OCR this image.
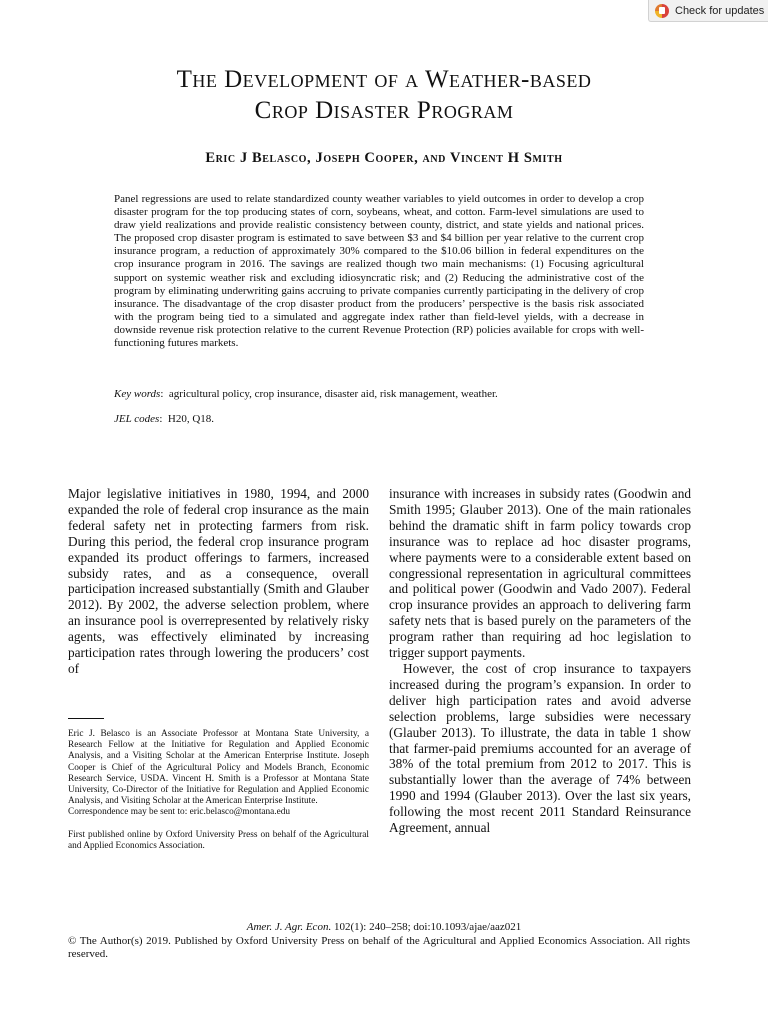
Check for updates
The Development of a Weather-based
Crop Disaster Program
Eric J Belasco, Joseph Cooper, and Vincent H Smith

Panel regressions are used to relate standardized county weather variables to yield outcomes in order to develop a crop disaster program for the top producing states of corn, soybeans, wheat, and cotton. Farm-level simulations are used to draw yield realizations and provide realistic consistency between county, district, and state yields and national prices. The proposed crop disaster program is estimated to save between $3 and $4 billion per year relative to the current crop insurance program, a reduction of approximately 30% compared to the $10.06 billion in federal expenditures on the crop insurance program in 2016. The savings are realized though two main mechanisms: (1) Focusing agricultural support on systemic weather risk and excluding idiosyncratic risk; and (2) Reducing the administrative cost of the program by eliminating underwriting gains accruing to private companies currently participating in the delivery of crop insurance. The disadvantage of the crop disaster product from the producers’ perspective is the basis risk associated with the program being tied to a simulated and aggregate index rather than field-level yields, with a decrease in downside revenue risk protection relative to the current Revenue Protection (RP) policies available for crops with well-functioning futures markets.

Key words:  agricultural policy, crop insurance, disaster aid, risk management, weather.
JEL codes:  H20, Q18.

Major legislative initiatives in 1980, 1994, and 2000 expanded the role of federal crop insurance as the main federal safety net in protecting farmers from risk. During this period, the federal crop insurance program expanded its product offerings to farmers, increased subsidy rates, and as a consequence, overall participation increased substantially (Smith and Glauber 2012). By 2002, the adverse selection problem, where an insurance pool is overrepresented by relatively risky agents, was effectively eliminated by increasing participation rates through lowering the producers’ cost of

insurance with increases in subsidy rates (Goodwin and Smith 1995; Glauber 2013). One of the main rationales behind the dramatic shift in farm policy towards crop insurance was to replace ad hoc disaster programs, where payments were to a considerable extent based on congressional representation in agricultural committees and political power (Goodwin and Vado 2007). Federal crop insurance provides an approach to delivering farm safety nets that is based purely on the parameters of the program rather than requiring ad hoc legislation to trigger support payments.

However, the cost of crop insurance to taxpayers increased during the program’s expansion. In order to deliver high participation rates and avoid adverse selection problems, large subsidies were necessary (Glauber 2013). To illustrate, the data in table 1 show that farmer-paid premiums accounted for an average of 38% of the total premium from 2012 to 2017. This is substantially lower than the average of 74% between 1990 and 1994 (Glauber 2013). Over the last six years, following the most recent 2011 Standard Reinsurance Agreement, annual

Eric J. Belasco is an Associate Professor at Montana State University, a Research Fellow at the Initiative for Regulation and Applied Economic Analysis, and a Visiting Scholar at the American Enterprise Institute. Joseph Cooper is Chief of the Agricultural Policy and Models Branch, Economic Research Service, USDA. Vincent H. Smith is a Professor at Montana State University, Co-Director of the Initiative for Regulation and Applied Economic Analysis, and Visiting Scholar at the American Enterprise Institute.

Correspondence may be sent to: eric.belasco@montana.edu

First published online by Oxford University Press on behalf of the Agricultural and Applied Economics Association.

Amer. J. Agr. Econ. 102(1): 240–258; doi:10.1093/ajae/aaz021
© The Author(s) 2019. Published by Oxford University Press on behalf of the Agricultural and Applied Economics Association. All rights reserved.
